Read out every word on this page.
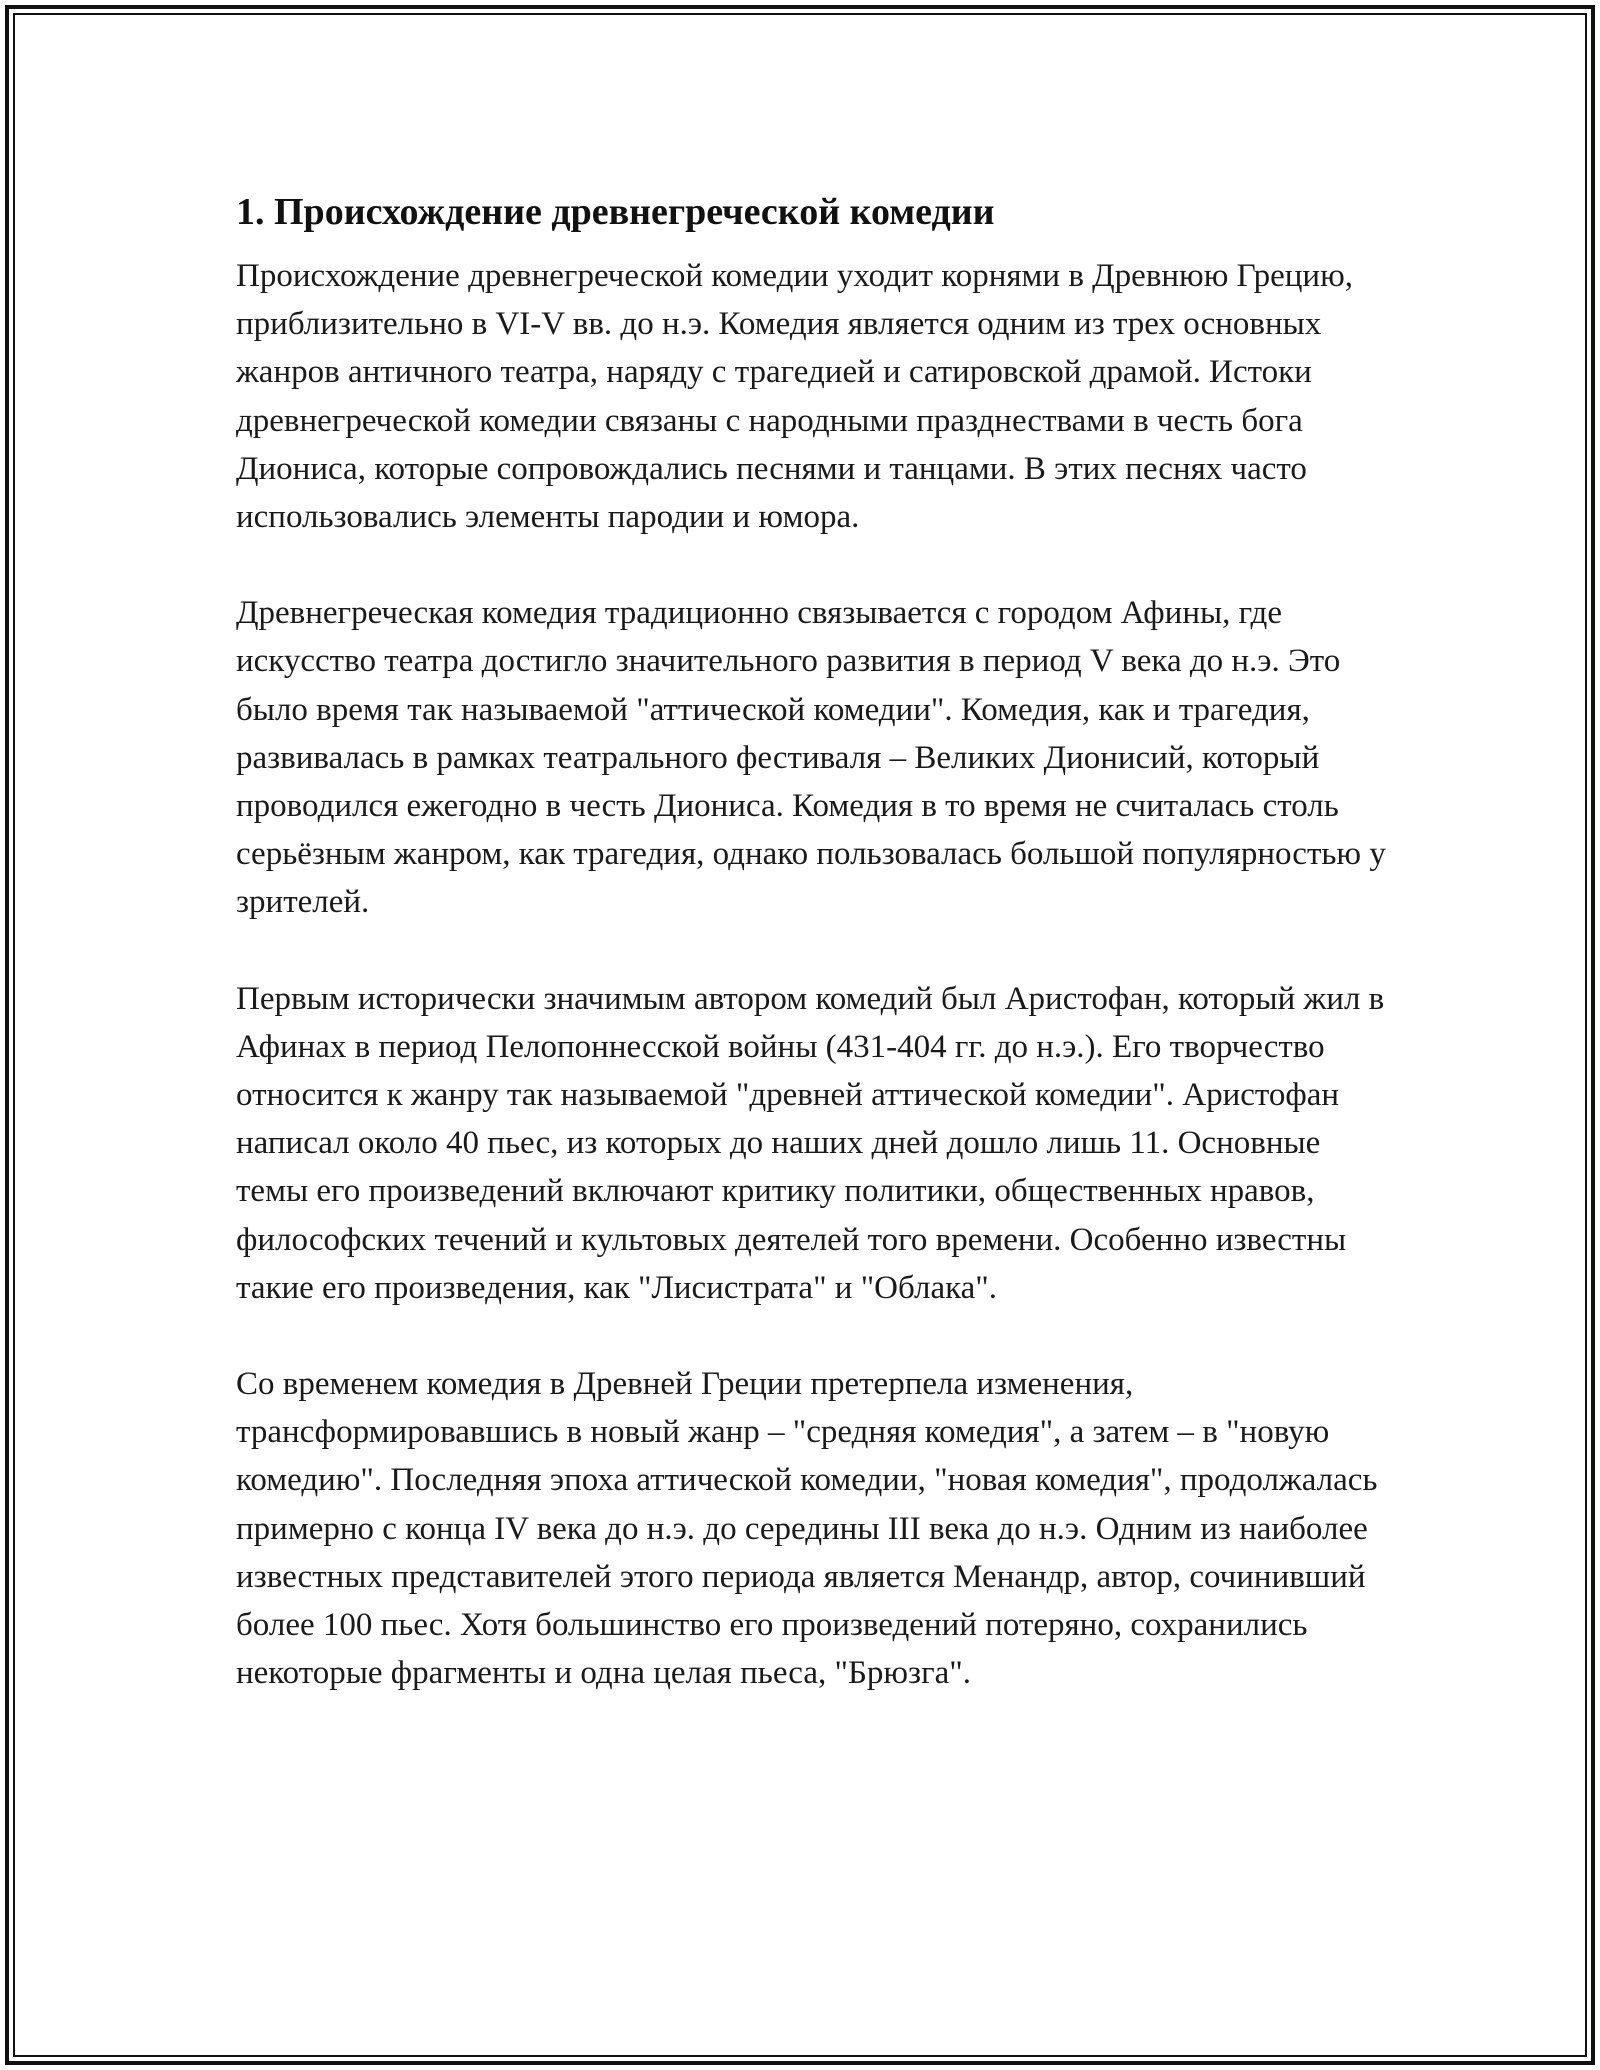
1. Происхождение древнегреческой комедии

Происхождение древнегреческой комедии уходит корнями в Древнюю Грецию, приблизительно в VI-V вв. до н.э. Комедия является одним из трех основных жанров античного театра, наряду с трагедией и сатировской драмой. Истоки древнегреческой комедии связаны с народными празднествами в честь бога Диониса, которые сопровождались песнями и танцами. В этих песнях часто использовались элементы пародии и юмора.

Древнегреческая комедия традиционно связывается с городом Афины, где искусство театра достигло значительного развития в период V века до н.э. Это было время так называемой "аттической комедии". Комедия, как и трагедия, развивалась в рамках театрального фестиваля – Великих Дионисий, который проводился ежегодно в честь Диониса. Комедия в то время не считалась столь серьёзным жанром, как трагедия, однако пользовалась большой популярностью у зрителей.

Первым исторически значимым автором комедий был Аристофан, который жил в Афинах в период Пелопоннесской войны (431-404 гг. до н.э.). Его творчество относится к жанру так называемой "древней аттической комедии". Аристофан написал около 40 пьес, из которых до наших дней дошло лишь 11. Основные темы его произведений включают критику политики, общественных нравов, философских течений и культовых деятелей того времени. Особенно известны такие его произведения, как "Лисистрата" и "Облака".

Со временем комедия в Древней Греции претерпела изменения, трансформировавшись в новый жанр – "средняя комедия", а затем – в "новую комедию". Последняя эпоха аттической комедии, "новая комедия", продолжалась примерно с конца IV века до н.э. до середины III века до н.э. Одним из наиболее известных представителей этого периода является Менандр, автор, сочинивший более 100 пьес. Хотя большинство его произведений потеряно, сохранились некоторые фрагменты и одна целая пьеса, "Брюзга".
